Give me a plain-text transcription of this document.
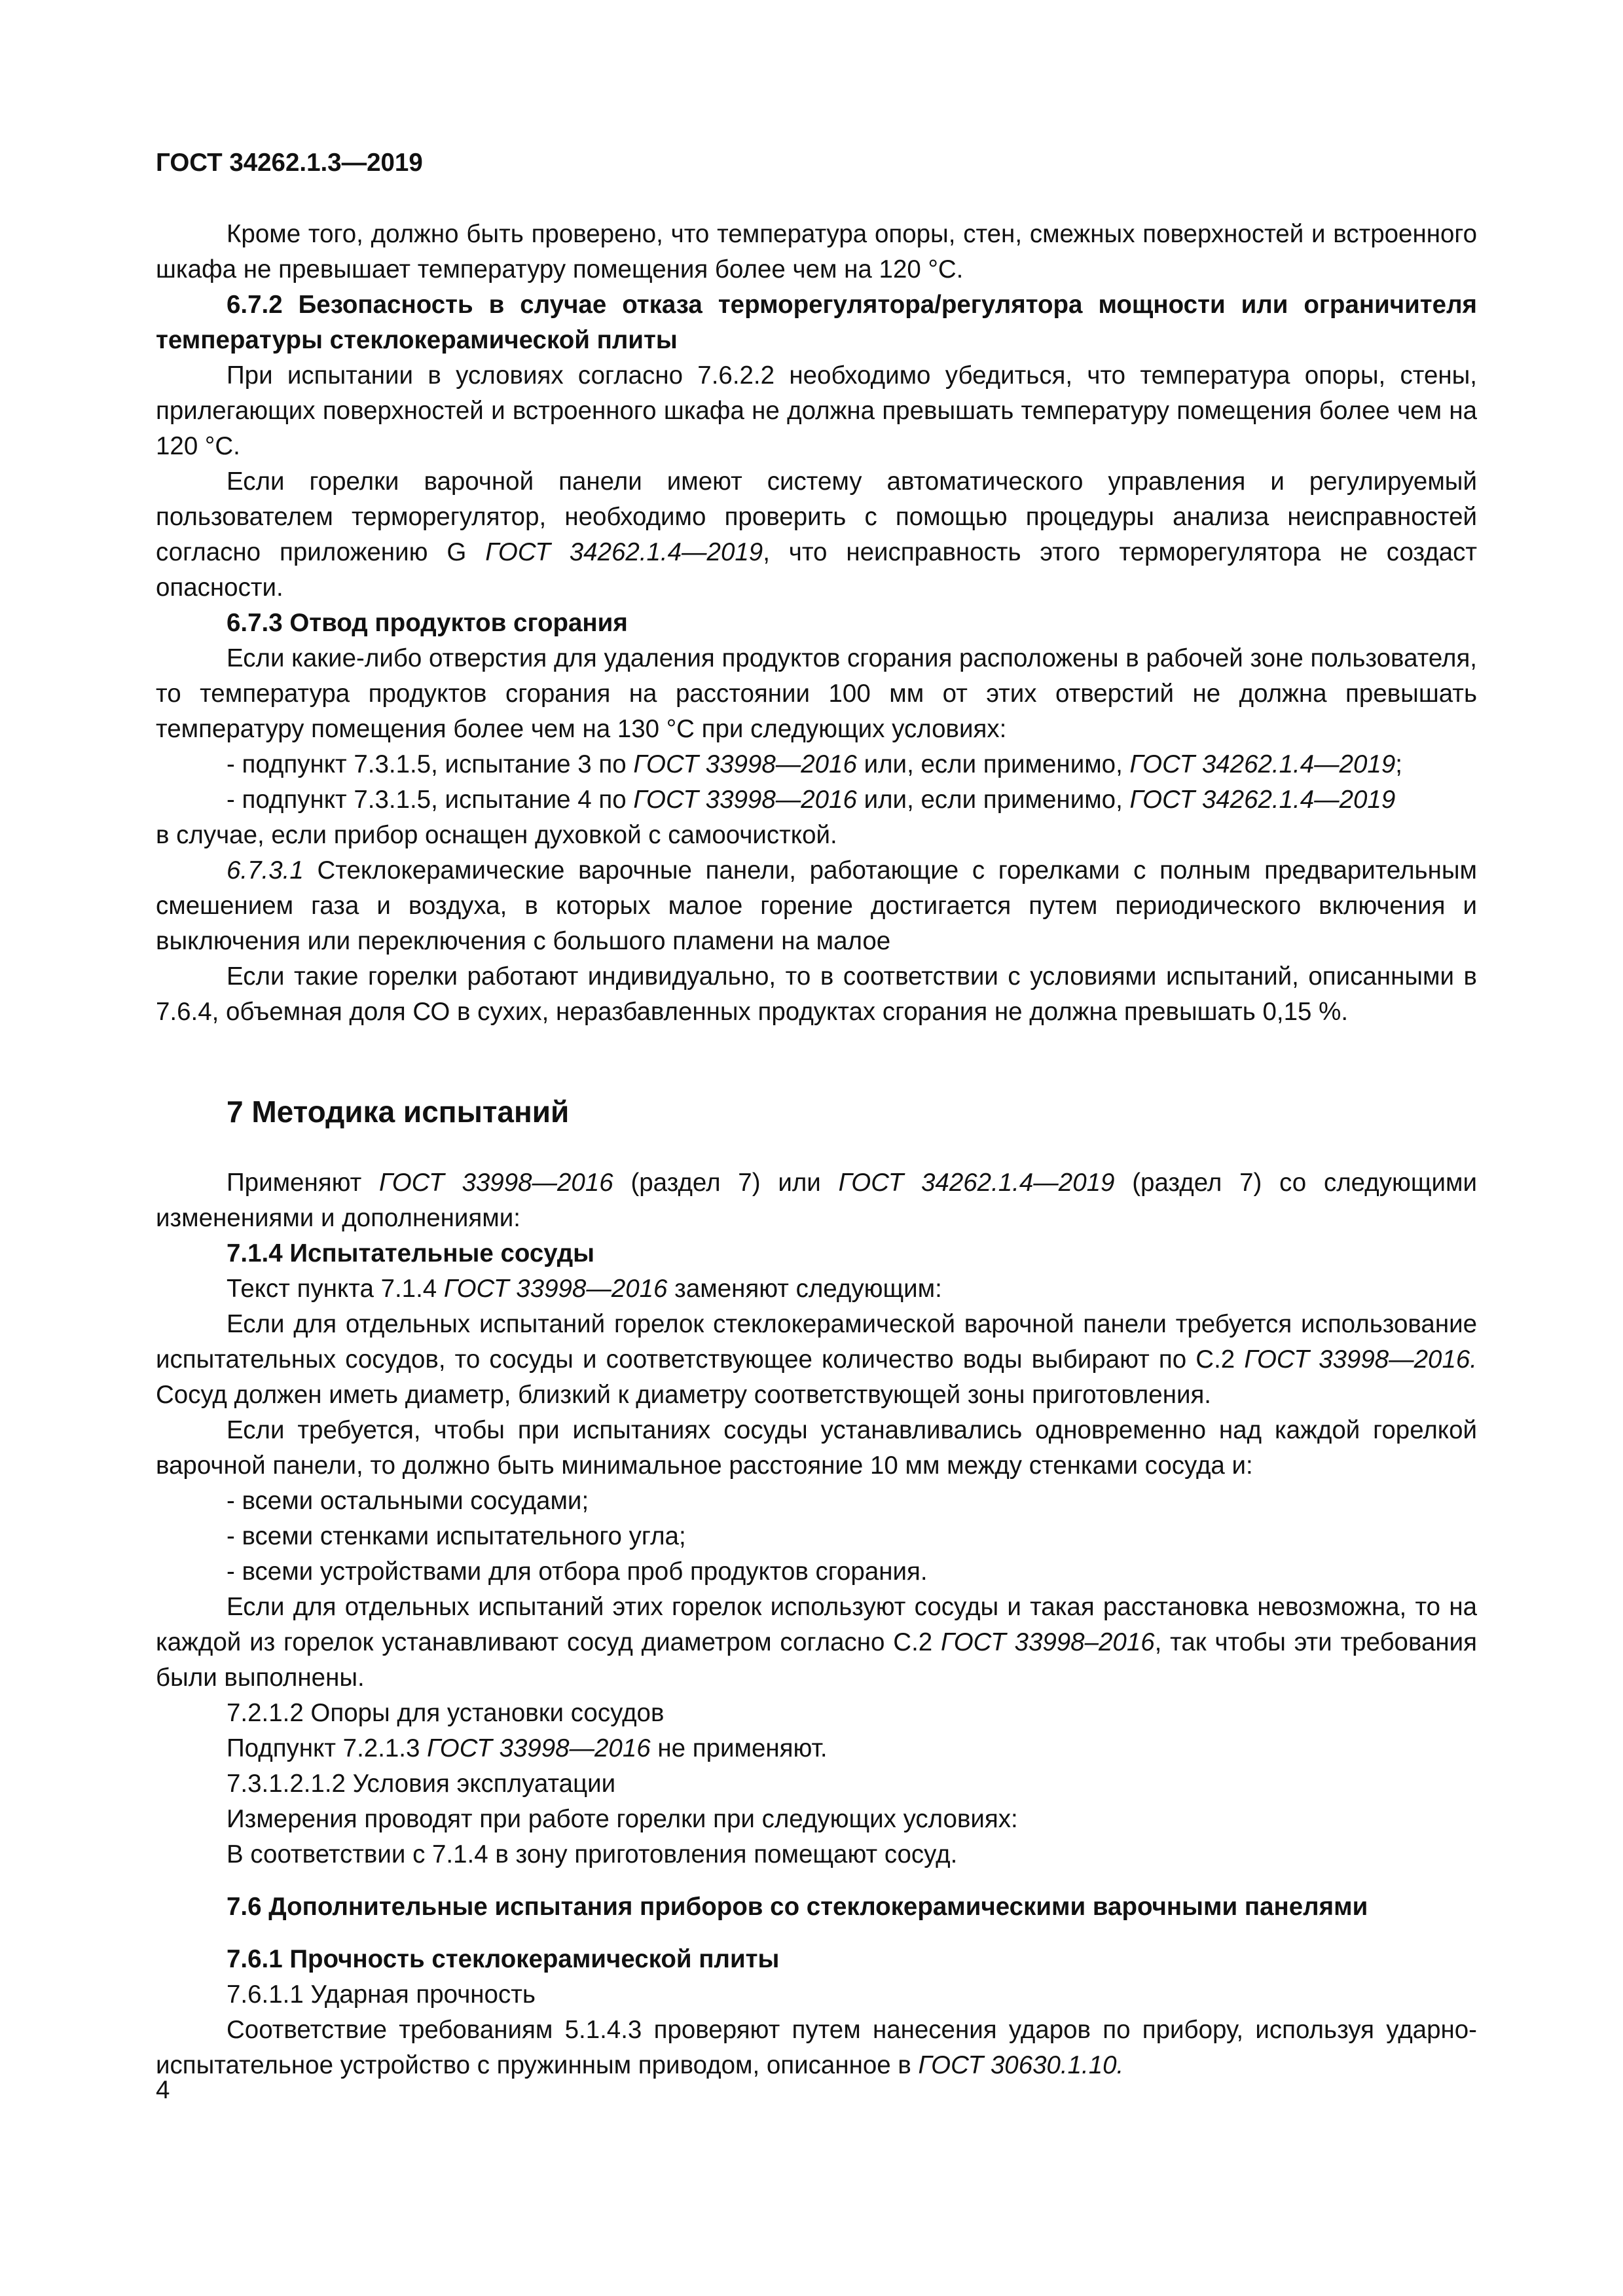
ГОСТ 34262.1.3—2019

Кроме того, должно быть проверено, что температура опоры, стен, смежных поверхностей и встроенного шкафа не превышает температуру помещения более чем на 120 °С.

6.7.2 Безопасность в случае отказа терморегулятора/регулятора мощности или ограничителя температуры стеклокерамической плиты

При испытании в условиях согласно 7.6.2.2 необходимо убедиться, что температура опоры, стены, прилегающих поверхностей и встроенного шкафа не должна превышать температуру помещения более чем на 120 °С.

Если горелки варочной панели имеют систему автоматического управления и регулируемый пользователем терморегулятор, необходимо проверить с помощью процедуры анализа неисправностей согласно приложению G ГОСТ 34262.1.4—2019, что неисправность этого терморегулятора не создаст опасности.

6.7.3 Отвод продуктов сгорания

Если какие-либо отверстия для удаления продуктов сгорания расположены в рабочей зоне пользователя, то температура продуктов сгорания на расстоянии 100 мм от этих отверстий не должна превышать температуру помещения более чем на 130 °С при следующих условиях:

- подпункт 7.3.1.5, испытание 3 по ГОСТ 33998—2016 или, если применимо, ГОСТ 34262.1.4—2019;

- подпункт 7.3.1.5, испытание 4 по ГОСТ 33998—2016 или, если применимо, ГОСТ 34262.1.4—2019

в случае, если прибор оснащен духовкой с самоочисткой.

6.7.3.1 Стеклокерамические варочные панели, работающие с горелками с полным предварительным смешением газа и воздуха, в которых малое горение достигается путем периодического включения и выключения или переключения с большого пламени на малое

Если такие горелки работают индивидуально, то в соответствии с условиями испытаний, описанными в 7.6.4, объемная доля СО в сухих, неразбавленных продуктах сгорания не должна превышать 0,15 %.

7 Методика испытаний

Применяют ГОСТ 33998—2016 (раздел 7) или ГОСТ 34262.1.4—2019 (раздел 7) со следующими изменениями и дополнениями:

7.1.4 Испытательные сосуды

Текст пункта 7.1.4 ГОСТ 33998—2016 заменяют следующим:

Если для отдельных испытаний горелок стеклокерамической варочной панели требуется использование испытательных сосудов, то сосуды и соответствующее количество воды выбирают по С.2 ГОСТ 33998—2016. Сосуд должен иметь диаметр, близкий к диаметру соответствующей зоны приготовления.

Если требуется, чтобы при испытаниях сосуды устанавливались одновременно над каждой горелкой варочной панели, то должно быть минимальное расстояние 10 мм между стенками сосуда и:

- всеми остальными сосудами;

- всеми стенками испытательного угла;

- всеми устройствами для отбора проб продуктов сгорания.

Если для отдельных испытаний этих горелок используют сосуды и такая расстановка невозможна, то на каждой из горелок устанавливают сосуд диаметром согласно С.2 ГОСТ 33998–2016, так чтобы эти требования были выполнены.

7.2.1.2 Опоры для установки сосудов

Подпункт 7.2.1.3 ГОСТ 33998—2016 не применяют.

7.3.1.2.1.2 Условия эксплуатации

Измерения проводят при работе горелки при следующих условиях:

В соответствии с 7.1.4 в зону приготовления помещают сосуд.

7.6 Дополнительные испытания приборов со стеклокерамическими варочными панелями

7.6.1 Прочность стеклокерамической плиты

7.6.1.1 Ударная прочность

Соответствие требованиям 5.1.4.3 проверяют путем нанесения ударов по прибору, используя ударно-испытательное устройство с пружинным приводом, описанное в ГОСТ 30630.1.10.

4
